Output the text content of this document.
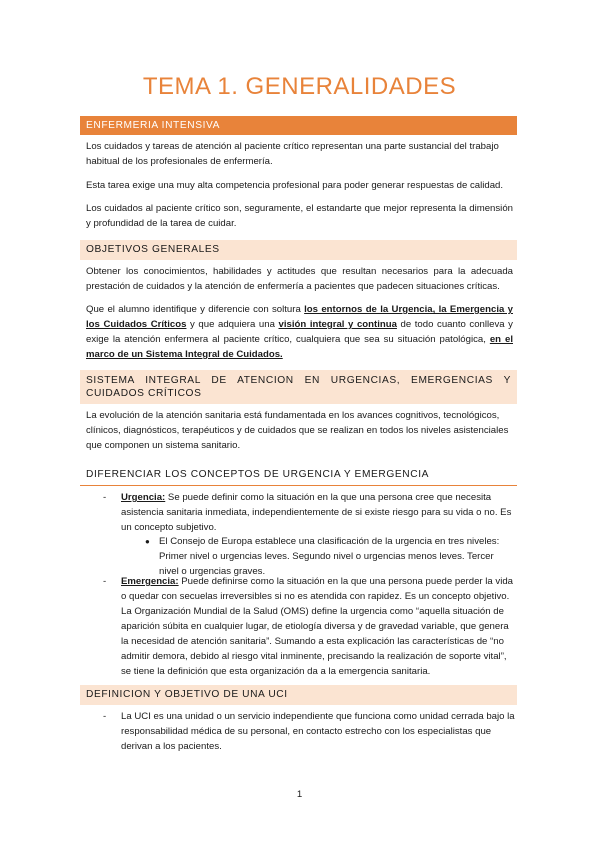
TEMA 1. GENERALIDADES
ENFERMERIA INTENSIVA

Los cuidados y tareas de atención al paciente crítico representan una parte sustancial del trabajo habitual de los profesionales de enfermería.

Esta tarea exige una muy alta competencia profesional para poder generar respuestas de calidad.

Los cuidados al paciente crítico son, seguramente, el estandarte que mejor representa la dimensión y profundidad de la tarea de cuidar.

OBJETIVOS GENERALES

Obtener los conocimientos, habilidades y actitudes que resultan necesarios para la adecuada prestación de cuidados y la atención de enfermería a pacientes que padecen situaciones críticas.

Que el alumno identifique y diferencie con soltura los entornos de la Urgencia, la Emergencia y los Cuidados Críticos y que adquiera una visión integral y continua de todo cuanto conlleva y exige la atención enfermera al paciente crítico, cualquiera que sea su situación patológica, en el marco de un Sistema Integral de Cuidados.

SISTEMA INTEGRAL DE ATENCION EN URGENCIAS, EMERGENCIAS Y CUIDADOS CRÍTICOS

La evolución de la atención sanitaria está fundamentada en los avances cognitivos, tecnológicos, clínicos, diagnósticos, terapéuticos y de cuidados que se realizan en todos los niveles asistenciales que componen un sistema sanitario.

DIFERENCIAR LOS CONCEPTOS DE URGENCIA Y EMERGENCIA
- Urgencia: Se puede definir como la situación en la que una persona cree que necesita asistencia sanitaria inmediata, independientemente de si existe riesgo para su vida o no. Es un concepto subjetivo.

● El Consejo de Europa establece una clasificación de la urgencia en tres niveles: Primer nivel o urgencias leves. Segundo nivel o urgencias menos leves. Tercer nivel o urgencias graves.

- Emergencia: Puede definirse como la situación en la que una persona puede perder la vida o quedar con secuelas irreversibles si no es atendida con rapidez. Es un concepto objetivo. La Organización Mundial de la Salud (OMS) define la urgencia como “aquella situación de aparición súbita en cualquier lugar, de etiología diversa y de gravedad variable, que genera la necesidad de atención sanitaria”. Sumando a esta explicación las características de “no admitir demora, debido al riesgo vital inminente, precisando la realización de soporte vital”, se tiene la definición que esta organización da a la emergencia sanitaria.

DEFINICION Y OBJETIVO DE UNA UCI
- La UCI es una unidad o un servicio independiente que funciona como unidad cerrada bajo la responsabilidad médica de su personal, en contacto estrecho con los especialistas que derivan a los pacientes.

1
